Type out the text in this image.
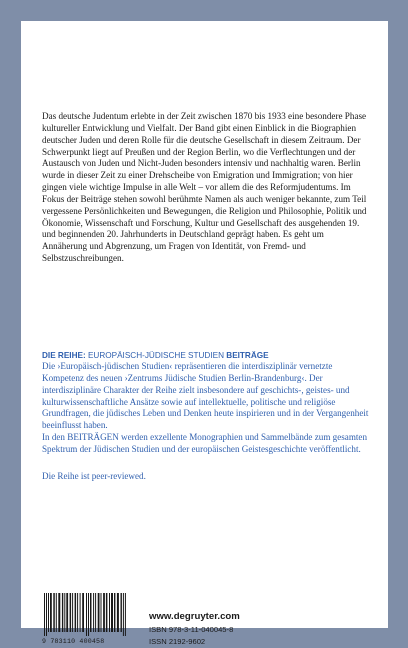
Das deutsche Judentum erlebte in der Zeit zwischen 1870 bis 1933 eine besondere Phase kultureller Entwicklung und Vielfalt. Der Band gibt einen Einblick in die Biographien deutscher Juden und deren Rolle für die deutsche Gesellschaft in diesem Zeitraum. Der Schwerpunkt liegt auf Preußen und der Region Berlin, wo die Verflechtungen und der Austausch von Juden und Nicht-Juden besonders intensiv und nachhaltig waren. Berlin wurde in dieser Zeit zu einer Drehscheibe von Emigration und Immigration; von hier gingen viele wichtige Impulse in alle Welt – vor allem die des Reformjudentums. Im Fokus der Beiträge stehen sowohl berühmte Namen als auch weniger bekannte, zum Teil vergessene Persönlichkeiten und Bewegungen, die Religion und Philosophie, Politik und Ökonomie, Wissenschaft und Forschung, Kultur und Gesellschaft des ausgehenden 19. und beginnenden 20. Jahrhunderts in Deutschland geprägt haben. Es geht um Annäherung und Abgrenzung, um Fragen von Identität, von Fremd- und Selbstzuschreibungen.

DIE REIHE: EUROPÄISCH-JÜDISCHE STUDIEN BEITRÄGE

Die ›Europäisch-jüdischen Studien‹ repräsentieren die interdisziplinär vernetzte Kompetenz des neuen ›Zentrums Jüdische Studien Berlin-Brandenburg‹. Der interdisziplinäre Charakter der Reihe zielt insbesondere auf geschichts-, geistes- und kulturwissenschaftliche Ansätze sowie auf intellektuelle, politische und religiöse Grundfragen, die jüdisches Leben und Denken heute inspirieren und in der Vergangenheit beeinflusst haben.

In den BEITRÄGEN werden exzellente Monographien und Sammelbände zum gesamten Spektrum der Jüdischen Studien und der europäischen Geistesgeschichte veröffentlicht.

Die Reihe ist peer-reviewed.

9 783110 400458
www.degruyter.com
ISBN 978-3-11-040045-8
ISSN 2192-9602
